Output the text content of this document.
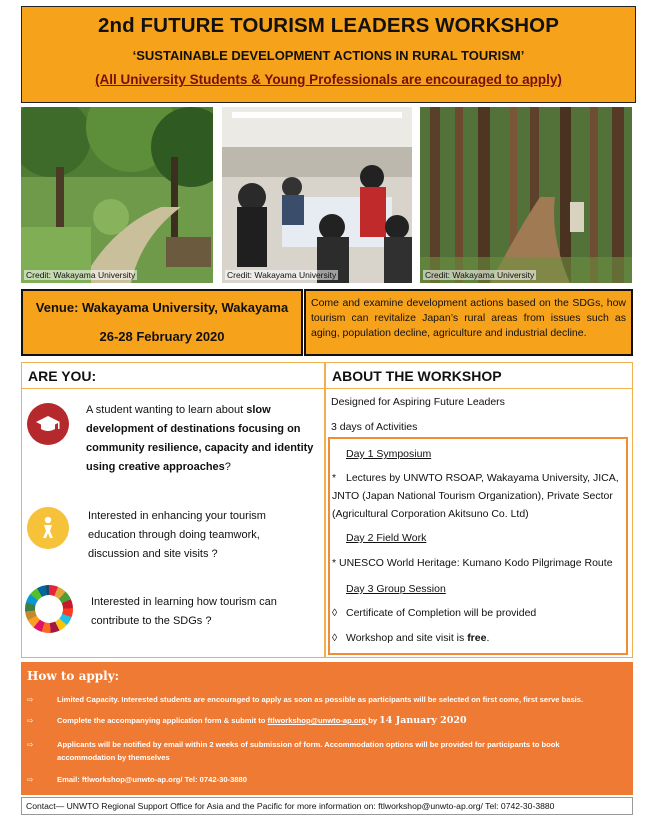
2nd FUTURE TOURISM LEADERS WORKSHOP
‘SUSTAINABLE DEVELOPMENT ACTIONS IN RURAL TOURISM’
(All University Students & Young Professionals are encouraged to apply)
Credit: Wakayama University	Credit: Wakayama University	Credit: Wakayama University
Venue: Wakayama University, Wakayama
26-28 February 2020
Come and examine development actions based on the SDGs, how tourism can revitalize Japan’s rural areas from issues such as aging, population decline, agriculture and industrial decline.
ARE YOU:
A student wanting to learn about slow development of destinations focusing on community resilience, capacity and identity using creative approaches?
Interested in enhancing your tourism education through doing teamwork, discussion and site visits ?
Interested in learning how tourism can contribute to the SDGs ?
ABOUT THE WORKSHOP
Designed for Aspiring Future Leaders
3 days of Activities
Day 1 Symposium
* Lectures by UNWTO RSOAP, Wakayama University, JICA, JNTO (Japan National Tourism Organization), Private Sector (Agricultural Corporation Akitsuno Co. Ltd)
Day 2 Field Work
* UNESCO World Heritage: Kumano Kodo Pilgrimage Route
Day 3 Group Session
◊ Certificate of Completion will be provided
◊ Workshop and site visit is free.
How to apply:
⇨	Limited Capacity. Interested students are encouraged to apply as soon as possible as participants will be selected on first come, first serve basis.
⇨	Complete the accompanying application form & submit to ftlworkshop@unwto-ap.org by 14 January 2020
⇨	Applicants will be notified by email within 2 weeks of submission of form. Accommodation options will be provided for participants to book accommodation by themselves
⇨	Email: ftlworkshop@unwto-ap.org/ Tel: 0742-30-3880
Contact— UNWTO Regional Support Office for Asia and the Pacific for more information on: ftlworkshop@unwto-ap.org/ Tel: 0742-30-3880
